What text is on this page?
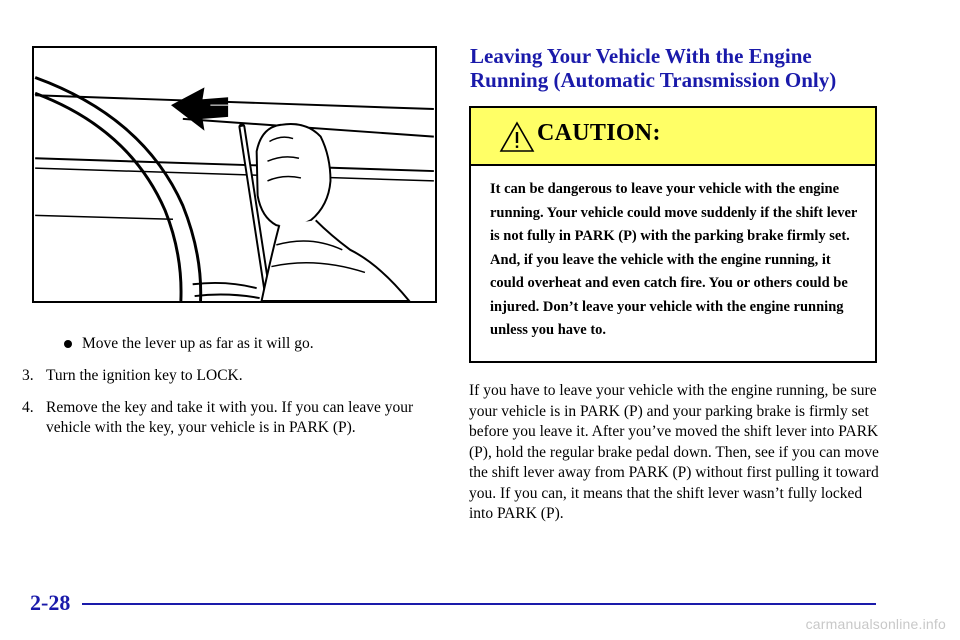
Move the lever up as far as it will go.

3. Turn the ignition key to LOCK.

4. Remove the key and take it with you. If you can leave your vehicle with the key, your vehicle is in PARK (P).

Leaving Your Vehicle With the Engine Running (Automatic Transmission Only)
CAUTION:

It can be dangerous to leave your vehicle with the engine running. Your vehicle could move suddenly if the shift lever is not fully in PARK (P) with the parking brake firmly set. And, if you leave the vehicle with the engine running, it could overheat and even catch fire. You or others could be injured. Don’t leave your vehicle with the engine running unless you have to.

If you have to leave your vehicle with the engine running, be sure your vehicle is in PARK (P) and your parking brake is firmly set before you leave it. After you’ve moved the shift lever into PARK (P), hold the regular brake pedal down. Then, see if you can move the shift lever away from PARK (P) without first pulling it toward you. If you can, it means that the shift lever wasn’t fully locked into PARK (P).

2-28
carmanualsonline.info
